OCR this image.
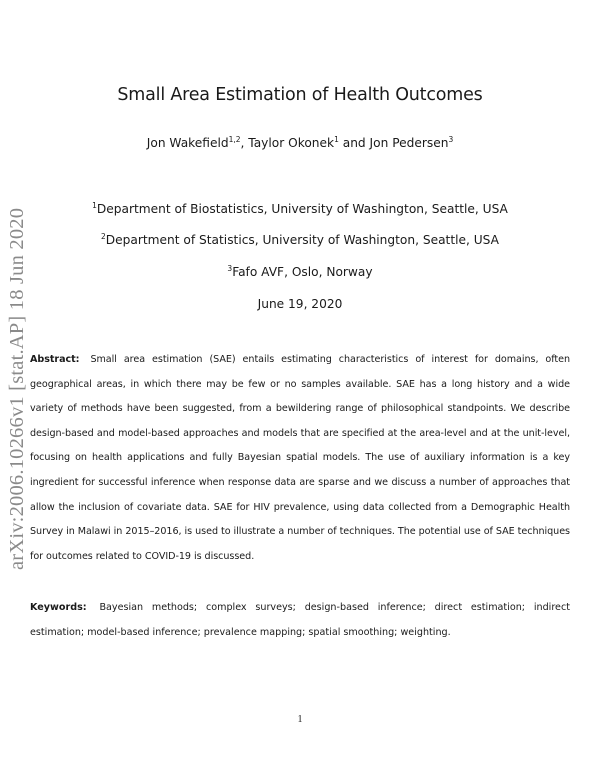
arXiv:2006.10266v1 [stat.AP] 18 Jun 2020
Small Area Estimation of Health Outcomes
Jon Wakefield$^{1,2}$, Taylor Okonek$^1$ and Jon Pedersen$^3$
$^1$Department of Biostatistics, University of Washington, Seattle, USA
$^2$Department of Statistics, University of Washington, Seattle, USA
$^3$Fafo AVF, Oslo, Norway
June 19, 2020
Abstract: Small area estimation (SAE) entails estimating characteristics of interest for domains, often geographical areas, in which there may be few or no samples available. SAE has a long history and a wide variety of methods have been suggested, from a bewildering range of philosophical standpoints. We describe design-based and model-based approaches and models that are specified at the area-level and at the unit-level, focusing on health applications and fully Bayesian spatial models. The use of auxiliary information is a key ingredient for successful inference when response data are sparse and we discuss a number of approaches that allow the inclusion of covariate data. SAE for HIV prevalence, using data collected from a Demographic Health Survey in Malawi in 2015–2016, is used to illustrate a number of techniques. The potential use of SAE techniques for outcomes related to COVID-19 is discussed.
Keywords: Bayesian methods; complex surveys; design-based inference; direct estimation; indirect estimation; model-based inference; prevalence mapping; spatial smoothing; weighting.
1
